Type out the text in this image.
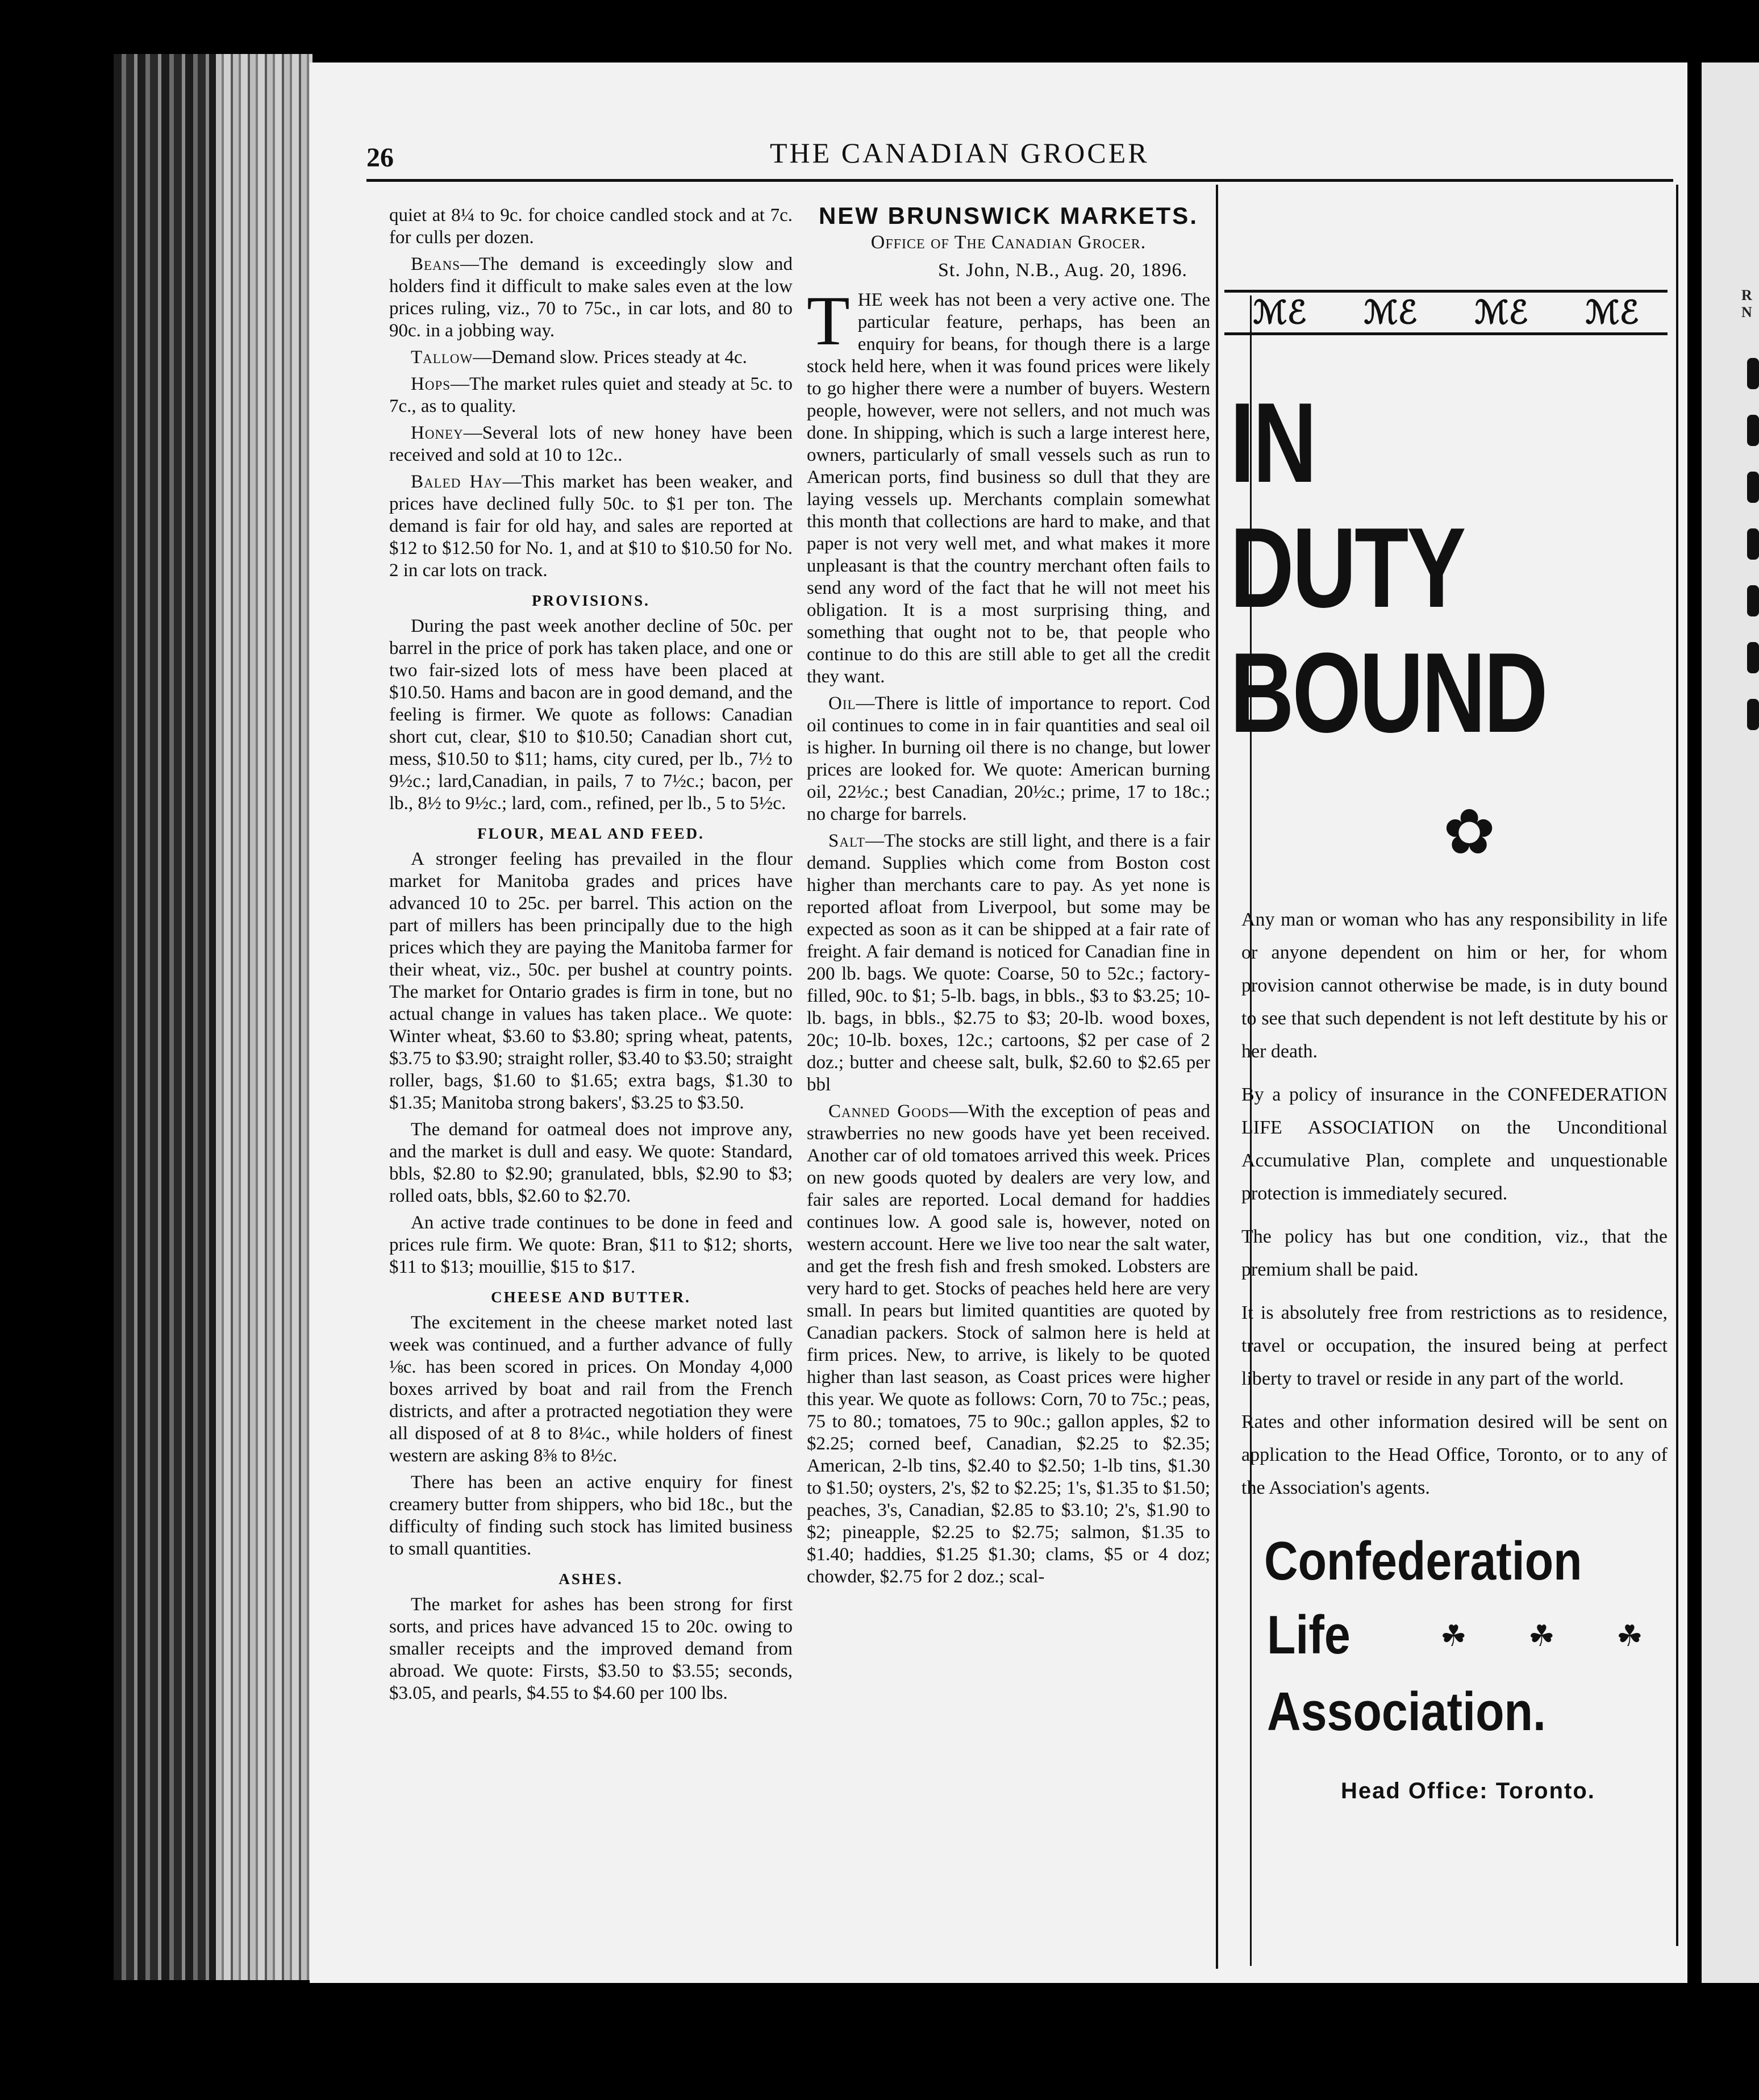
R
N
26	THE CANADIAN GROCER

quiet at 8¼ to 9c. for choice candled stock and at 7c. for culls per dozen.

Beans—The demand is exceedingly slow and holders find it difficult to make sales even at the low prices ruling, viz., 70 to 75c., in car lots, and 80 to 90c. in a jobbing way.

Tallow—Demand slow. Prices steady at 4c.

Hops—The market rules quiet and steady at 5c. to 7c., as to quality.

Honey—Several lots of new honey have been received and sold at 10 to 12c..

Baled Hay—This market has been weaker, and prices have declined fully 50c. to $1 per ton. The demand is fair for old hay, and sales are reported at $12 to $12.50 for No. 1, and at $10 to $10.50 for No. 2 in car lots on track.

PROVISIONS.

During the past week another decline of 50c. per barrel in the price of pork has taken place, and one or two fair-sized lots of mess have been placed at $10.50. Hams and bacon are in good demand, and the feeling is firmer. We quote as follows: Canadian short cut, clear, $10 to $10.50; Canadian short cut, mess, $10.50 to $11; hams, city cured, per lb., 7½ to 9½c.; lard,Canadian, in pails, 7 to 7½c.; bacon, per lb., 8½ to 9½c.; lard, com., refined, per lb., 5 to 5½c.

FLOUR, MEAL AND FEED.

A stronger feeling has prevailed in the flour market for Manitoba grades and prices have advanced 10 to 25c. per barrel. This action on the part of millers has been principally due to the high prices which they are paying the Manitoba farmer for their wheat, viz., 50c. per bushel at country points. The market for Ontario grades is firm in tone, but no actual change in values has taken place.. We quote: Winter wheat, $3.60 to $3.80; spring wheat, patents, $3.75 to $3.90; straight roller, $3.40 to $3.50; straight roller, bags, $1.60 to $1.65; extra bags, $1.30 to $1.35; Manitoba strong bakers', $3.25 to $3.50.

The demand for oatmeal does not improve any, and the market is dull and easy. We quote: Standard, bbls, $2.80 to $2.90; granulated, bbls, $2.90 to $3; rolled oats, bbls, $2.60 to $2.70.

An active trade continues to be done in feed and prices rule firm. We quote: Bran, $11 to $12; shorts, $11 to $13; mouillie, $15 to $17.

CHEESE AND BUTTER.

The excitement in the cheese market noted last week was continued, and a further advance of fully ⅛c. has been scored in prices. On Monday 4,000 boxes arrived by boat and rail from the French districts, and after a protracted negotiation they were all disposed of at 8 to 8¼c., while holders of finest western are asking 8⅜ to 8½c.

There has been an active enquiry for finest creamery butter from shippers, who bid 18c., but the difficulty of finding such stock has limited business to small quantities.

ASHES.

The market for ashes has been strong for first sorts, and prices have advanced 15 to 20c. owing to smaller receipts and the improved demand from abroad. We quote: Firsts, $3.50 to $3.55; seconds, $3.05, and pearls, $4.55 to $4.60 per 100 lbs.

NEW BRUNSWICK MARKETS.
Office of The Canadian Grocer.
St. John, N.B., Aug. 20, 1896.

THE week has not been a very active one. The particular feature, perhaps, has been an enquiry for beans, for though there is a large stock held here, when it was found prices were likely to go higher there were a number of buyers. Western people, however, were not sellers, and not much was done. In shipping, which is such a large interest here, owners, particularly of small vessels such as run to American ports, find business so dull that they are laying vessels up. Merchants complain somewhat this month that collections are hard to make, and that paper is not very well met, and what makes it more unpleasant is that the country merchant often fails to send any word of the fact that he will not meet his obligation. It is a most surprising thing, and something that ought not to be, that people who continue to do this are still able to get all the credit they want.

Oil—There is little of importance to report. Cod oil continues to come in in fair quantities and seal oil is higher. In burning oil there is no change, but lower prices are looked for. We quote: American burning oil, 22½c.; best Canadian, 20½c.; prime, 17 to 18c.; no charge for barrels.

Salt—The stocks are still light, and there is a fair demand. Supplies which come from Boston cost higher than merchants care to pay. As yet none is reported afloat from Liverpool, but some may be expected as soon as it can be shipped at a fair rate of freight. A fair demand is noticed for Canadian fine in 200 lb. bags. We quote: Coarse, 50 to 52c.; factory-filled, 90c. to $1; 5-lb. bags, in bbls., $3 to $3.25; 10-lb. bags, in bbls., $2.75 to $3; 20-lb. wood boxes, 20c; 10-lb. boxes, 12c.; cartoons, $2 per case of 2 doz.; butter and cheese salt, bulk, $2.60 to $2.65 per bbl

Canned Goods—With the exception of peas and strawberries no new goods have yet been received. Another car of old tomatoes arrived this week. Prices on new goods quoted by dealers are very low, and fair sales are reported. Local demand for haddies continues low. A good sale is, however, noted on western account. Here we live too near the salt water, and get the fresh fish and fresh smoked. Lobsters are very hard to get. Stocks of peaches held here are very small. In pears but limited quantities are quoted by Canadian packers. Stock of salmon here is held at firm prices. New, to arrive, is likely to be quoted higher than last season, as Coast prices were higher this year. We quote as follows: Corn, 70 to 75c.; peas, 75 to 80.; tomatoes, 75 to 90c.; gallon apples, $2 to $2.25; corned beef, Canadian, $2.25 to $2.35; American, 2-lb tins, $2.40 to $2.50; 1-lb tins, $1.30 to $1.50; oysters, 2's, $2 to $2.25; 1's, $1.35 to $1.50; peaches, 3's, Canadian, $2.85 to $3.10; 2's, $1.90 to $2; pineapple, $2.25 to $2.75; salmon, $1.35 to $1.40; haddies, $1.25 $1.30; clams, $5 or 4 doz; chowder, $2.75 for 2 doz.; scal-

ℳℰ ℳℰ ℳℰ ℳℰ
IN
DUTY
BOUND
✿

Any man or woman who has any responsibility in life or anyone dependent on him or her, for whom provision cannot otherwise be made, is in duty bound to see that such dependent is not left destitute by his or her death.

By a policy of insurance in the CONFEDERATION LIFE ASSOCIATION on the Unconditional Accumulative Plan, complete and unquestionable protection is immediately secured.

The policy has but one condition, viz., that the premium shall be paid.

It is absolutely free from restrictions as to residence, travel or occupation, the insured being at perfect liberty to travel or reside in any part of the world.

Rates and other information desired will be sent on application to the Head Office, Toronto, or to any of the Association's agents.

Confederation
Life	☘ ☘ ☘
Association.
Head Office: Toronto.
